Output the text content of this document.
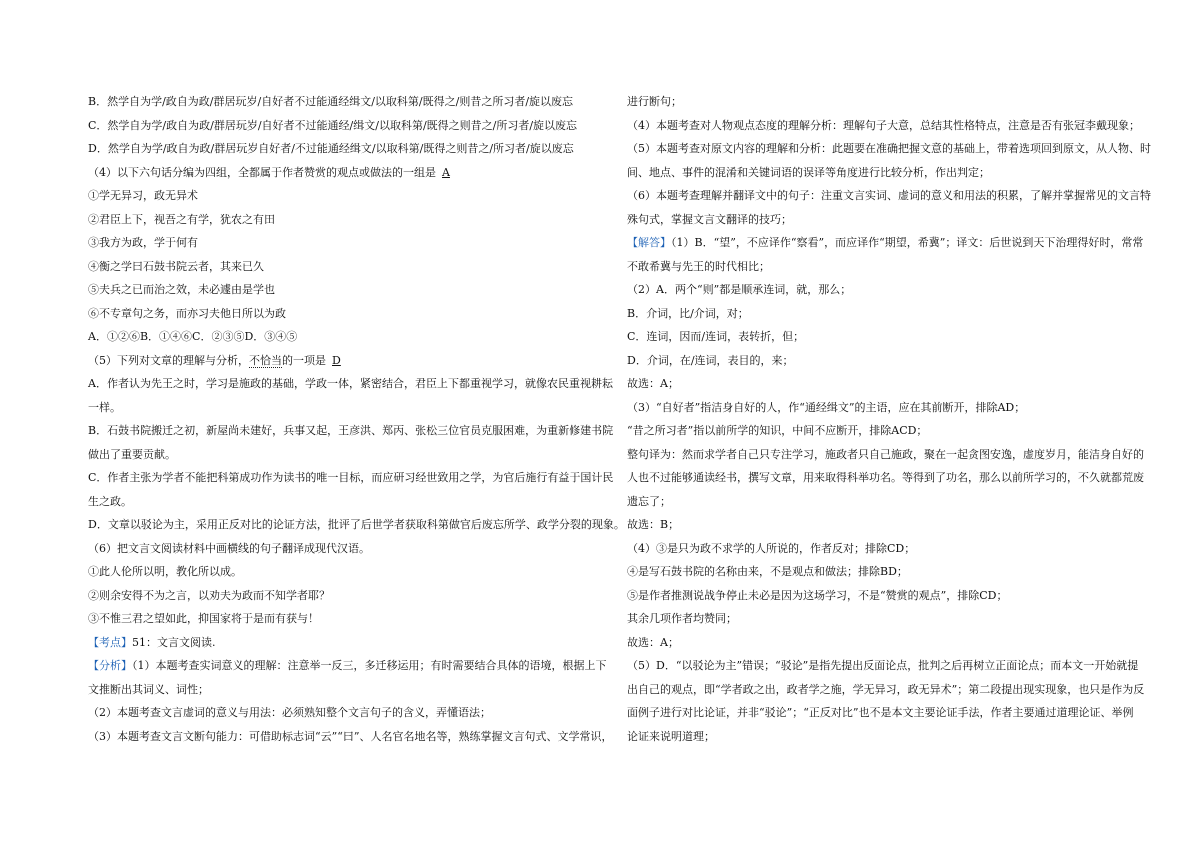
B．然学自为学/政自为政/群居玩岁/自好者不过能通经缉文/以取科第/既得之/则昔之所习者/旋以废忘
C．然学自为学/政自为政/群居玩岁/自好者不过能通经/缉文/以取科第/既得之则昔之/所习者/旋以废忘
D．然学自为学/政自为政/群居玩岁自好者/不过能通经缉文/以取科第/既得之则昔之/所习者/旋以废忘
（4）以下六句话分编为四组，全都属于作者赞赏的观点或做法的一组是 A
①学无异习，政无异术
②君臣上下，视吾之有学，犹农之有田
③我方为政，学于何有
④衡之学曰石鼓书院云者，其来已久
⑤夫兵之已而治之效，未必遽由是学也
⑥不专章句之务，而亦习夫他日所以为政
A．①②⑥B．①④⑥C．②③⑤D．③④⑤
（5）下列对文章的理解与分析，不恰当的一项是 D
A．作者认为先王之时，学习是施政的基础，学政一体，紧密结合，君臣上下都重视学习，就像农民重视耕耘
一样。
B．石鼓书院搬迁之初，新屋尚未建好，兵事又起，王彦洪、郑丙、张松三位官员克服困难，为重新修建书院
做出了重要贡献。
C．作者主张为学者不能把科第成功作为读书的唯一目标，而应研习经世致用之学，为官后施行有益于国计民
生之政。
D．文章以驳论为主，采用正反对比的论证方法，批评了后世学者获取科第做官后废忘所学、政学分裂的现象。
（6）把文言文阅读材料中画横线的句子翻译成现代汉语。
①此人伦所以明，教化所以成。
②则余安得不为之言，以劝夫为政而不知学者耶？
③不惟三君之望如此，抑国家将于是而有获与！
【考点】51：文言文阅读.
【分析】（1）本题考查实词意义的理解：注意举一反三，多迁移运用；有时需要结合具体的语境，根据上下
文推断出其词义、词性；
（2）本题考查文言虚词的意义与用法：必须熟知整个文言句子的含义，弄懂语法；
（3）本题考查文言文断句能力：可借助标志词“云”“曰”、人名官名地名等，熟练掌握文言句式、文学常识，
进行断句；
（4）本题考查对人物观点态度的理解分析：理解句子大意，总结其性格特点，注意是否有张冠李戴现象；
（5）本题考查对原文内容的理解和分析：此题要在准确把握文意的基础上，带着选项回到原文，从人物、时
间、地点、事件的混淆和关键词语的误译等角度进行比较分析，作出判定；
（6）本题考查理解并翻译文中的句子：注重文言实词、虚词的意义和用法的积累，了解并掌握常见的文言特
殊句式，掌握文言文翻译的技巧；
【解答】（1）B．“望”，不应译作“察看”，而应译作“期望，希冀”；译文：后世说到天下治理得好时，常常
不敢希冀与先王的时代相比；
（2）A．两个“则”都是顺承连词，就，那么；
B．介词，比/介词，对；
C．连词，因而/连词，表转折，但；
D．介词，在/连词，表目的，来；
故选：A；
（3）“自好者”指洁身自好的人，作“通经缉文”的主语，应在其前断开，排除AD；
“昔之所习者”指以前所学的知识，中间不应断开，排除ACD；
整句译为：然而求学者自己只专注学习，施政者只自己施政，聚在一起贪图安逸，虚度岁月，能洁身自好的
人也不过能够通读经书，撰写文章，用来取得科举功名。等得到了功名，那么以前所学习的，不久就都荒废
遗忘了；
故选：B；
（4）③是只为政不求学的人所说的，作者反对；排除CD；
④是写石鼓书院的名称由来，不是观点和做法；排除BD；
⑤是作者推测说战争停止未必是因为这场学习，不是“赞赏的观点”，排除CD；
其余几项作者均赞同；
故选：A；
（5）D．“以驳论为主”错误；“驳论”是指先提出反面论点，批判之后再树立正面论点；而本文一开始就提
出自己的观点，即“学者政之出，政者学之施，学无异习，政无异术”；第二段提出现实现象，也只是作为反
面例子进行对比论证，并非“驳论”；“正反对比”也不是本文主要论证手法，作者主要通过道理论证、举例
论证来说明道理；
